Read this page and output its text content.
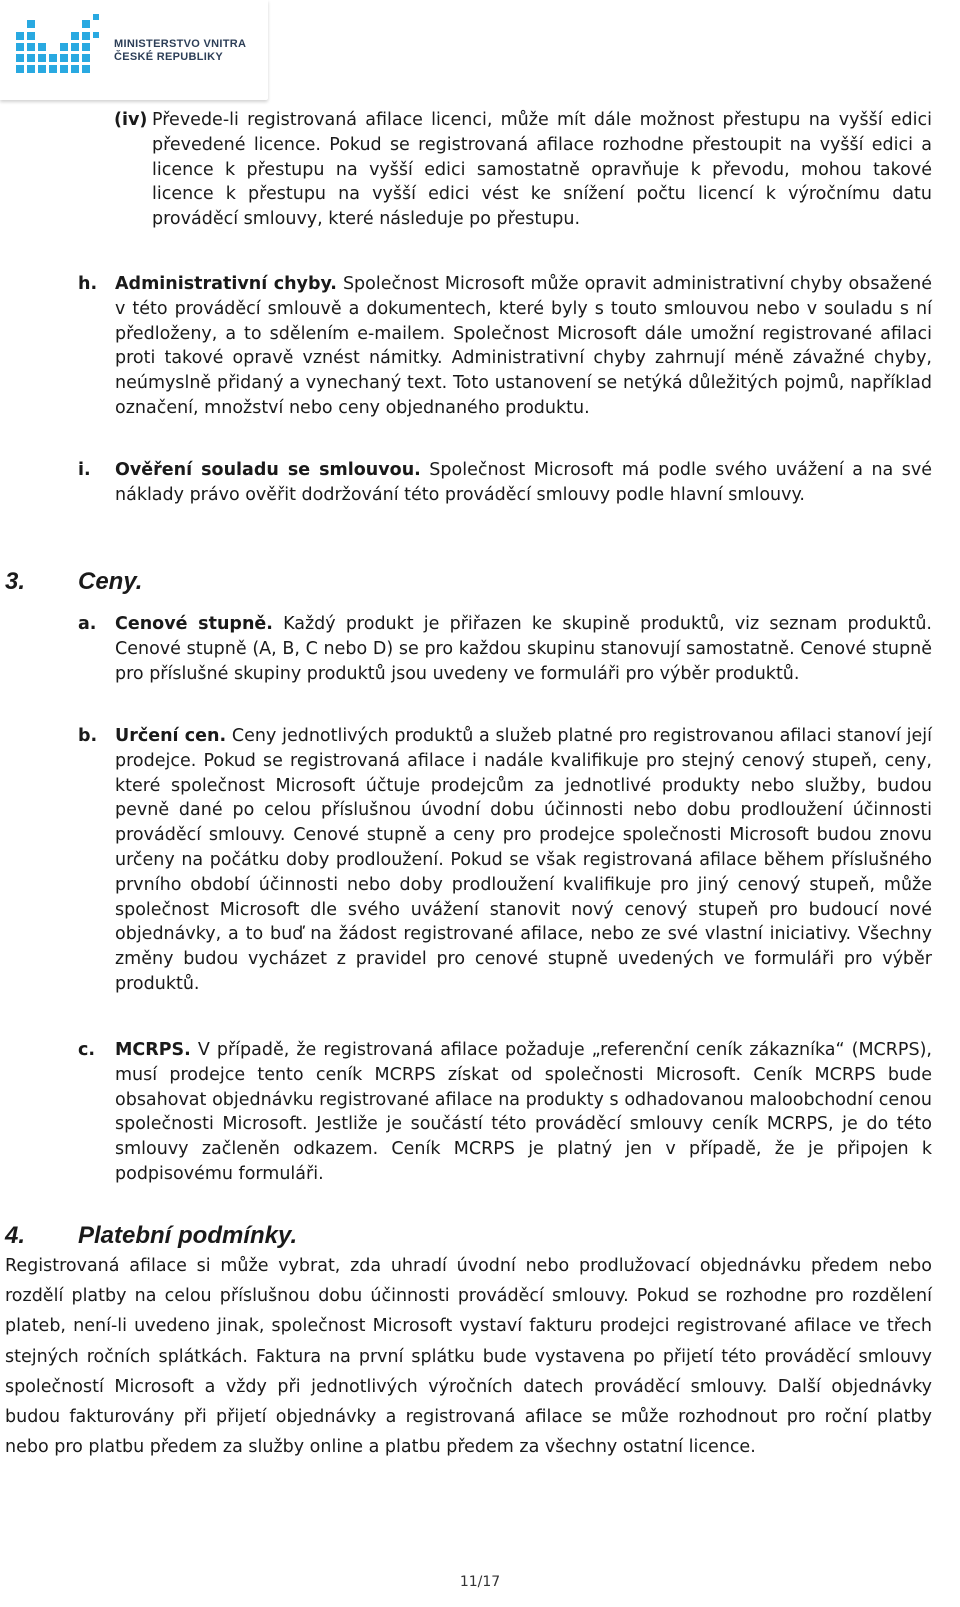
MINISTERSTVO VNITRA
ČESKÉ REPUBLIKY
(iv) Převede-li registrovaná afilace licenci, může mít dále možnost přestupu na vyšší edici převedené licence. Pokud se registrovaná afilace rozhodne přestoupit na vyšší edici a licence k přestupu na vyšší edici samostatně opravňuje k převodu, mohou takové licence k přestupu na vyšší edici vést ke snížení počtu licencí k výročnímu datu prováděcí smlouvy, které následuje po přestupu.
h. Administrativní chyby. Společnost Microsoft může opravit administrativní chyby obsažené v této prováděcí smlouvě a dokumentech, které byly s touto smlouvou nebo v souladu s ní předloženy, a to sdělením e-mailem. Společnost Microsoft dále umožní registrované afilaci proti takové opravě vznést námitky. Administrativní chyby zahrnují méně závažné chyby, neúmyslně přidaný a vynechaný text. Toto ustanovení se netýká důležitých pojmů, například označení, množství nebo ceny objednaného produktu.
i. Ověření souladu se smlouvou. Společnost Microsoft má podle svého uvážení a na své náklady právo ověřit dodržování této prováděcí smlouvy podle hlavní smlouvy.
3. Ceny.
a. Cenové stupně. Každý produkt je přiřazen ke skupině produktů, viz seznam produktů. Cenové stupně (A, B, C nebo D) se pro každou skupinu stanovují samostatně. Cenové stupně pro příslušné skupiny produktů jsou uvedeny ve formuláři pro výběr produktů.
b. Určení cen. Ceny jednotlivých produktů a služeb platné pro registrovanou afilaci stanoví její prodejce. Pokud se registrovaná afilace i nadále kvalifikuje pro stejný cenový stupeň, ceny, které společnost Microsoft účtuje prodejcům za jednotlivé produkty nebo služby, budou pevně dané po celou příslušnou úvodní dobu účinnosti nebo dobu prodloužení účinnosti prováděcí smlouvy. Cenové stupně a ceny pro prodejce společnosti Microsoft budou znovu určeny na počátku doby prodloužení. Pokud se však registrovaná afilace během příslušného prvního období účinnosti nebo doby prodloužení kvalifikuje pro jiný cenový stupeň, může společnost Microsoft dle svého uvážení stanovit nový cenový stupeň pro budoucí nové objednávky, a to buď na žádost registrované afilace, nebo ze své vlastní iniciativy. Všechny změny budou vycházet z pravidel pro cenové stupně uvedených ve formuláři pro výběr produktů.
c. MCRPS. V případě, že registrovaná afilace požaduje „referenční ceník zákazníka“ (MCRPS), musí prodejce tento ceník MCRPS získat od společnosti Microsoft. Ceník MCRPS bude obsahovat objednávku registrované afilace na produkty s odhadovanou maloobchodní cenou společnosti Microsoft. Jestliže je součástí této prováděcí smlouvy ceník MCRPS, je do této smlouvy začleněn odkazem. Ceník MCRPS je platný jen v případě, že je připojen k podpisovému formuláři.
4. Platební podmínky.
Registrovaná afilace si může vybrat, zda uhradí úvodní nebo prodlužovací objednávku předem nebo rozdělí platby na celou příslušnou dobu účinnosti prováděcí smlouvy. Pokud se rozhodne pro rozdělení plateb, není-li uvedeno jinak, společnost Microsoft vystaví fakturu prodejci registrované afilace ve třech stejných ročních splátkách. Faktura na první splátku bude vystavena po přijetí této prováděcí smlouvy společností Microsoft a vždy při jednotlivých výročních datech prováděcí smlouvy. Další objednávky budou fakturovány při přijetí objednávky a registrovaná afilace se může rozhodnout pro roční platby nebo pro platbu předem za služby online a platbu předem za všechny ostatní licence.
11/17
